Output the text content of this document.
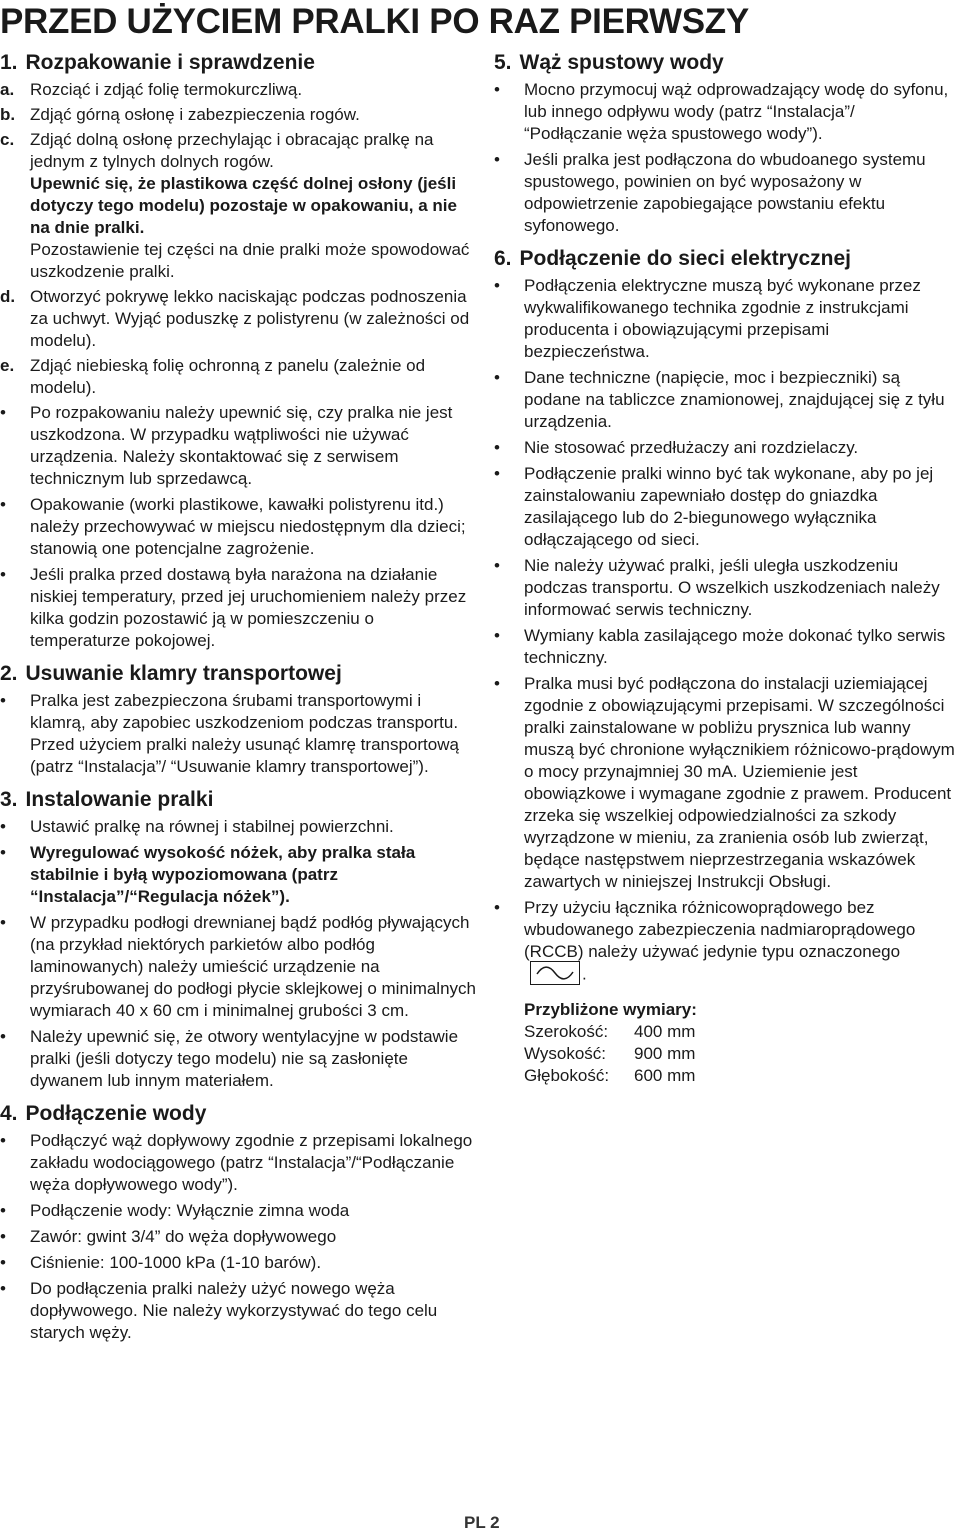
PRZED UŻYCIEM PRALKI PO RAZ PIERWSZY
1. Rozpakowanie i sprawdzenie
a. Rozciąć i zdjąć folię termokurczliwą.
b. Zdjąć górną osłonę i zabezpieczenia rogów.
c. Zdjąć dolną osłonę przechylając i obracając pralkę na jednym z tylnych dolnych rogów.
Upewnić się, że plastikowa część dolnej osłony (jeśli dotyczy tego modelu) pozostaje w opakowaniu, a nie na dnie pralki.
Pozostawienie tej części na dnie pralki może spowodować uszkodzenie pralki.
d. Otworzyć pokrywę lekko naciskając podczas podnoszenia za uchwyt. Wyjąć poduszkę z polistyrenu (w zależności od modelu).
e. Zdjąć niebieską folię ochronną z panelu (zależnie od modelu).
•	Po rozpakowaniu należy upewnić się, czy pralka nie jest uszkodzona. W przypadku wątpliwości nie używać urządzenia. Należy skontaktować się z serwisem technicznym lub sprzedawcą.
•	Opakowanie (worki plastikowe, kawałki polistyrenu itd.) należy przechowywać w miejscu niedostępnym dla dzieci; stanowią one potencjalne zagrożenie.
•	Jeśli pralka przed dostawą była narażona na działanie niskiej temperatury, przed jej uruchomieniem należy przez kilka godzin pozostawić ją w pomieszczeniu o temperaturze pokojowej.
2. Usuwanie klamry transportowej
•	Pralka jest zabezpieczona śrubami transportowymi i klamrą, aby zapobiec uszkodzeniom podczas transportu. Przed użyciem pralki należy usunąć klamrę transportową (patrz “Instalacja”/ “Usuwanie klamry transportowej”).
3. Instalowanie pralki
•	Ustawić pralkę na równej i stabilnej powierzchni.
•	Wyregulować wysokość nóżek, aby pralka stała stabilnie i byłą wypoziomowana (patrz “Instalacja”/“Regulacja nóżek”).
•	W przypadku podłogi drewnianej bądź podłóg pływających (na przykład niektórych parkietów albo podłóg laminowanych) należy umieścić urządzenie na przyśrubowanej do podłogi płycie sklejkowej o minimalnych wymiarach 40 x 60 cm i minimalnej grubości 3 cm.
•	Należy upewnić się, że otwory wentylacyjne w podstawie pralki (jeśli dotyczy tego modelu) nie są zasłonięte dywanem lub innym materiałem.
4. Podłączenie wody
•	Podłączyć wąż dopływowy zgodnie z przepisami lokalnego zakładu wodociągowego (patrz “Instalacja”/“Podłączanie węża dopływowego wody”).
•	Podłączenie wody: Wyłącznie zimna woda
•	Zawór: gwint 3/4” do węża dopływowego
•	Ciśnienie: 100-1000 kPa (1-10 barów).
•	Do podłączenia pralki należy użyć nowego węża dopływowego. Nie należy wykorzystywać do tego celu starych węży.
5. Wąż spustowy wody
•	Mocno przymocuj wąż odprowadzający wodę do syfonu, lub innego odpływu wody (patrz “Instalacja”/ “Podłączanie węża spustowego wody”).
•	Jeśli pralka jest podłączona do wbudoanego systemu spustowego, powinien on być wyposażony w odpowietrzenie zapobiegające powstaniu efektu syfonowego.
6. Podłączenie do sieci elektrycznej
•	Podłączenia elektryczne muszą być wykonane przez wykwalifikowanego technika zgodnie z instrukcjami producenta i obowiązującymi przepisami bezpieczeństwa.
•	Dane techniczne (napięcie, moc i bezpieczniki) są podane na tabliczce znamionowej, znajdującej się z tyłu urządzenia.
•	Nie stosować przedłużaczy ani rozdzielaczy.
•	Podłączenie pralki winno być tak wykonane, aby po jej zainstalowaniu zapewniało dostęp do gniazdka zasilającego lub do 2-biegunowego wyłącznika odłączającego od sieci.
•	Nie należy używać pralki, jeśli uległa uszkodzeniu podczas transportu. O wszelkich uszkodzeniach należy informować serwis techniczny.
•	Wymiany kabla zasilającego może dokonać tylko serwis techniczny.
•	Pralka musi być podłączona do instalacji uziemiającej zgodnie z obowiązującymi przepisami. W szczególności pralki zainstalowane w pobliżu prysznica lub wanny muszą być chronione wyłącznikiem różnicowo-prądowym o mocy przynajmniej 30 mA. Uziemienie jest obowiązkowe i wymagane zgodnie z prawem. Producent zrzeka się wszelkiej odpowiedzialności za szkody wyrządzone w mieniu, za zranienia osób lub zwierząt, będące następstwem nieprzestrzegania wskazówek zawartych w niniejszej Instrukcji Obsługi.
•	Przy użyciu łącznika różnicowoprądowego bez wbudowanego zabezpieczenia nadmiaroprądowego (RCCB) należy używać jedynie typu oznaczonego.
Przybliżone wymiary:
Szerokość:	400 mm
Wysokość:	900 mm
Głębokość:	600 mm
PL 2
